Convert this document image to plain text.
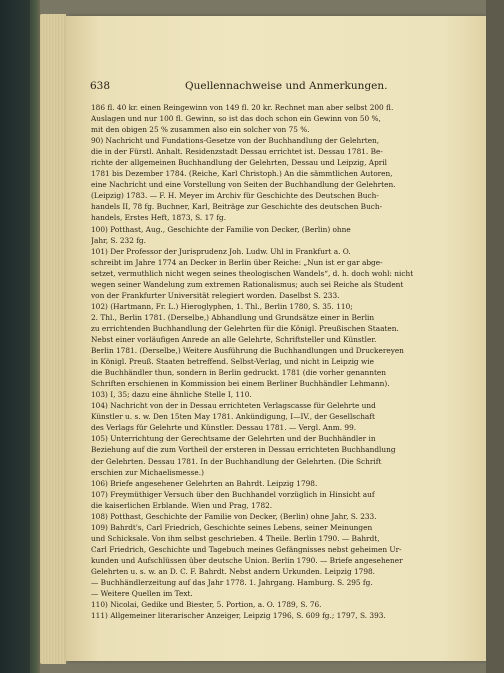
638	Quellennachweise und Anmerkungen.
186 fl. 40 kr. einen Reingewinn von 149 fl. 20 kr. Rechnet man aber selbst 200 fl.
Auslagen und nur 100 fl. Gewinn, so ist das doch schon ein Gewinn von 50 %,
mit den obigen 25 % zusammen also ein solcher von 75 %.
90) Nachricht und Fundations-Gesetze von der Buchhandlung der Gelehrten,
die in der Fürstl. Anhalt. Residenzstadt Dessau errichtet ist. Dessau 1781. Be-
richte der allgemeinen Buchhandlung der Gelehrten, Dessau und Leipzig, April
1781 bis Dezember 1784. (Reiche, Karl Christoph.) An die sämmtlichen Autoren,
eine Nachricht und eine Vorstellung von Seiten der Buchhandlung der Gelehrten.
(Leipzig) 1783. — F. H. Meyer im Archiv für Geschichte des Deutschen Buch-
handels II, 78 fg. Buchner, Karl, Beiträge zur Geschichte des deutschen Buch-
handels, Erstes Heft, 1873, S. 17 fg.
100) Potthast, Aug., Geschichte der Familie von Decker, (Berlin) ohne
Jahr, S. 232 fg.
101) Der Professor der Jurisprudenz Joh. Ludw. Uhl in Frankfurt a. O.
schreibt im Jahre 1774 an Decker in Berlin über Reiche: „Nun ist er gar abge-
setzet, vermuthlich nicht wegen seines theologischen Wandels“, d. h. doch wohl: nicht
wegen seiner Wandelung zum extremen Rationalismus; auch sei Reiche als Student
von der Frankfurter Universität relegiert worden. Daselbst S. 233.
102) (Hartmann, Fr. L.) Hieroglyphen, 1. Thl., Berlin 1780, S. 35. 110;
2. Thl., Berlin 1781. (Derselbe,) Abhandlung und Grundsätze einer in Berlin
zu errichtenden Buchhandlung der Gelehrten für die Königl. Preußischen Staaten.
Nebst einer vorläufigen Anrede an alle Gelehrte, Schriftsteller und Künstler.
Berlin 1781. (Derselbe,) Weitere Ausführung die Buchhandlungen und Druckereyen
in Königl. Preuß. Staaten betreffend. Selbst-Verlag, und nicht in Leipzig wie
die Buchhändler thun, sondern in Berlin gedruckt. 1781 (die vorher genannten
Schriften erschienen in Kommission bei einem Berliner Buchhändler Lehmann).
103) I, 35; dazu eine ähnliche Stelle I, 110.
104) Nachricht von der in Dessau errichteten Verlagscasse für Gelehrte und
Künstler u. s. w. Den 15ten May 1781. Ankündigung, I—IV., der Gesellschaft
des Verlags für Gelehrte und Künstler. Dessau 1781. — Vergl. Anm. 99.
105) Unterrichtung der Gerechtsame der Gelehrten und der Buchhändler in
Beziehung auf die zum Vortheil der ersteren in Dessau errichteten Buchhandlung
der Gelehrten. Dessau 1781. In der Buchhandlung der Gelehrten. (Die Schrift
erschien zur Michaelismesse.)
106) Briefe angesehener Gelehrten an Bahrdt. Leipzig 1798.
107) Freymüthiger Versuch über den Buchhandel vorzüglich in Hinsicht auf
die kaiserlichen Erblande. Wien und Prag, 1782.
108) Potthast, Geschichte der Familie von Decker, (Berlin) ohne Jahr, S. 233.
109) Bahrdt's, Carl Friedrich, Geschichte seines Lebens, seiner Meinungen
und Schicksale. Von ihm selbst geschrieben. 4 Theile. Berlin 1790. — Bahrdt,
Carl Friedrich, Geschichte und Tagebuch meines Gefängnisses nebst geheimen Ur-
kunden und Aufschlüssen über deutsche Union. Berlin 1790. — Briefe angesehener
Gelehrten u. s. w. an D. C. F. Bahrdt. Nebst andern Urkunden. Leipzig 1798.
— Buchhändlerzeitung auf das Jahr 1778. 1. Jahrgang. Hamburg. S. 295 fg.
— Weitere Quellen im Text.
110) Nicolai, Gedike und Biester, 5. Portion, a. O. 1789, S. 76.
111) Allgemeiner literarischer Anzeiger, Leipzig 1796, S. 609 fg.; 1797, S. 393.
